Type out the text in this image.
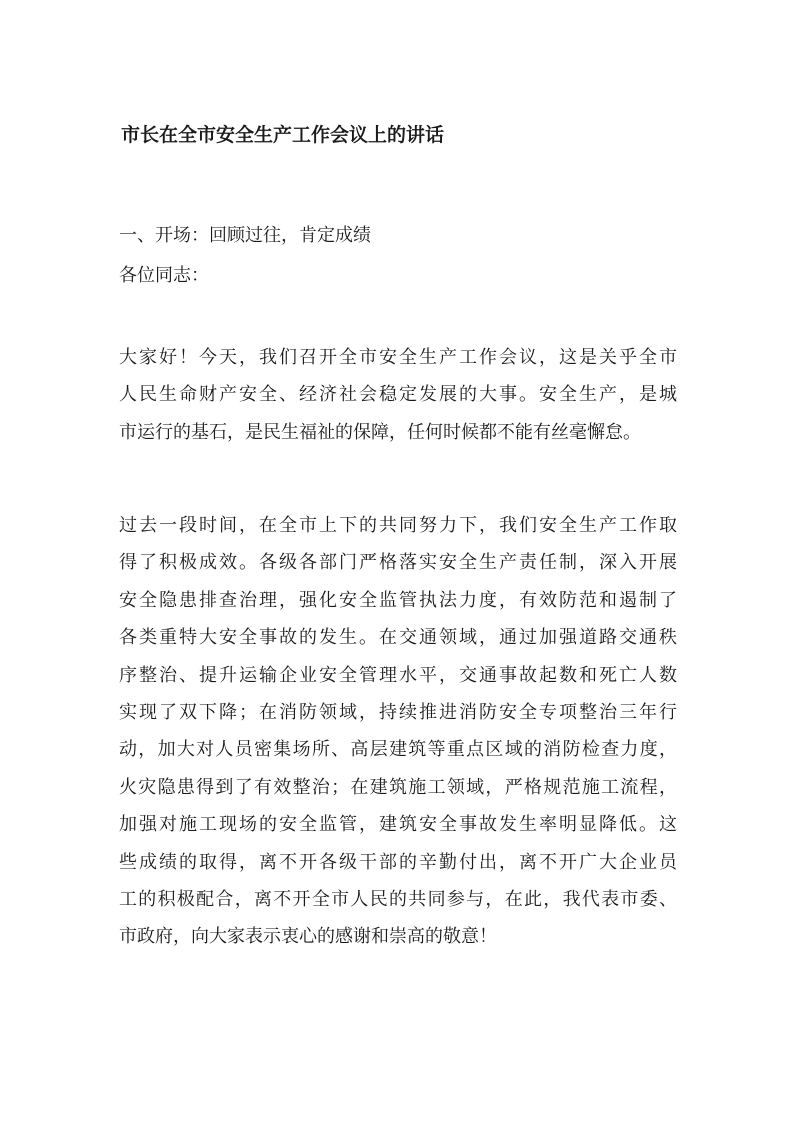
市长在全市安全生产工作会议上的讲话
一、开场：回顾过往，肯定成绩
各位同志：
大家好！今天，我们召开全市安全生产工作会议，这是关乎全市
人民生命财产安全、经济社会稳定发展的大事。安全生产，是城
市运行的基石，是民生福祉的保障，任何时候都不能有丝毫懈怠。
过去一段时间，在全市上下的共同努力下，我们安全生产工作取
得了积极成效。各级各部门严格落实安全生产责任制，深入开展
安全隐患排查治理，强化安全监管执法力度，有效防范和遏制了
各类重特大安全事故的发生。在交通领域，通过加强道路交通秩
序整治、提升运输企业安全管理水平，交通事故起数和死亡人数
实现了双下降；在消防领域，持续推进消防安全专项整治三年行
动，加大对人员密集场所、高层建筑等重点区域的消防检查力度，
火灾隐患得到了有效整治；在建筑施工领域，严格规范施工流程，
加强对施工现场的安全监管，建筑安全事故发生率明显降低。这
些成绩的取得，离不开各级干部的辛勤付出，离不开广大企业员
工的积极配合，离不开全市人民的共同参与，在此，我代表市委、
市政府，向大家表示衷心的感谢和崇高的敬意！
